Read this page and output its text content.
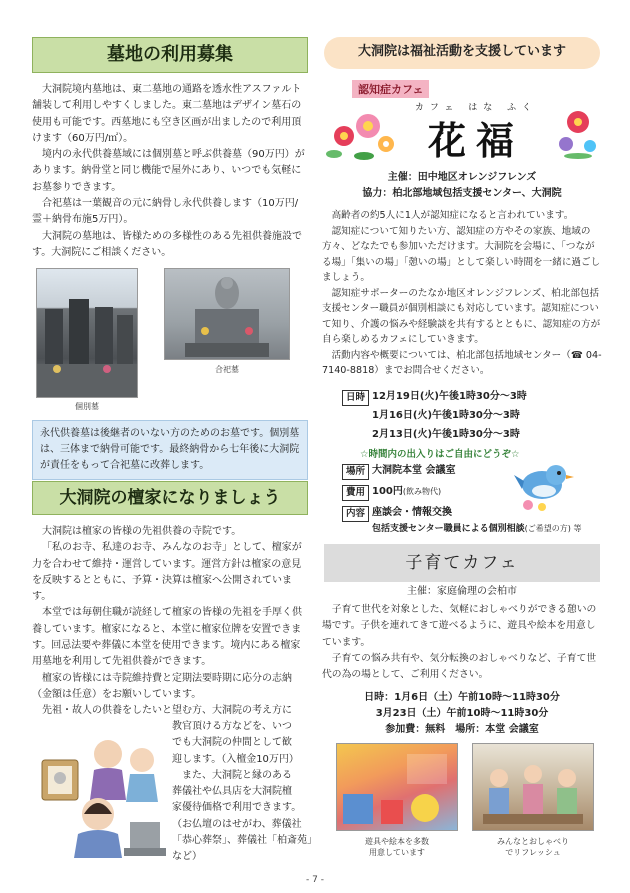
墓地の利用募集

大洞院境内墓地は、東二墓地の通路を透水性アスファルト舗装して利用しやすくしました。東二墓地はデザイン墓石の使用も可能です。西墓地にも空き区画が出ましたので利用頂けます（60万円/㎡）。

境内の永代供養墓域には個別墓と呼ぶ供養墓（90万円）があります。納骨堂と同じ機能で屋外にあり、いつでも気軽にお墓参りできます。

合祀墓は一葉観音の元に納骨し永代供養します（10万円/霊＋納骨布施5万円）。

大洞院の墓地は、皆様ための多様性のある先祖供養施設です。大洞院にご相談ください。

個別墓
合祀墓
永代供養墓は後継者のいない方のためのお墓です。個別墓は、三体まで納骨可能です。最終納骨から七年後に大洞院が責任をもって合祀墓に改葬します。
大洞院の檀家になりましょう

大洞院は檀家の皆様の先祖供養の寺院です。

「私のお寺、私達のお寺、みんなのお寺」として、檀家が力を合わせて維持・運営しています。運営方針は檀家の意見を反映するとともに、予算・決算は檀家へ公開されています。

本堂では毎朝住職が読経して檀家の皆様の先祖を手厚く供養しています。檀家になると、本堂に檀家位牌を安置できます。回忌法要や葬儀に本堂を使用できます。境内にある檀家用墓地を利用して先祖供養ができます。

檀家の皆様には寺院維持費と定期法要時期に応分の志納（金額は任意）をお願いしています。

先祖・故人の供養をしたいと望む方、大洞院の考え方に

教官頂ける方などを、いつ
でも大洞院の仲間として歓
迎します。（入檀金10万円）
　また、大洞院と縁のある
葬儀社や仏具店を大洞院檀
家優待価格で利用できます。
（お仏壇のはせがわ、葬儀社
「恭心葬祭」、葬儀社「柏斎苑」
など）
大洞院は福祉活動を支援しています
認知症カフェ
カフェ はな ふく
花福
主催：田中地区オレンジフレンズ
協力：柏北部地域包括支援センター、大洞院

高齢者の約5人に1人が認知症になると言われています。

認知症について知りたい方、認知症の方やその家族、地域の方々、どなたでも参加いただけます。大洞院を会場に、「つながる場」「集いの場」「憩いの場」として楽しい時間を一緒に過ごしましょう。

認知症サポーターのたなか地区オレンジフレンズ、柏北部包括支援センター職員が個別相談にも対応しています。認知症について知り、介護の悩みや経験談を共有するとともに、認知症の方が自ら楽しめるカフェにしていきます。

活動内容や概要については、柏北部包括地域センター（☎ 04-7140-8818）までお問合せください。

日時 12月19日(火)午後1時30分～3時
1月16日(火)午後1時30分～3時
2月13日(火)午後1時30分～3時
☆時間内の出入りはご自由にどうぞ☆
場所 大洞院本堂 会議室
費用 100円(飲み物代)
内容 座談会・情報交換
包括支援センター職員による個別相談(ご希望の方) 等
子育てカフェ
主催：家庭倫理の会柏市

子育て世代を対象とした、気軽におしゃべりができる憩いの場です。子供を連れてきて遊べるように、遊具や絵本を用意しています。

子育ての悩み共有や、気分転換のおしゃべりなど、子育て世代の為の場として、ご利用ください。

日時：1月6日（土）午前10時～11時30分
3月23日（土）午前10時～11時30分
参加費：無料　場所：本堂 会議室
遊具や絵本を多数
用意しています
みんなとおしゃべり
でリフレッシュ
- 7 -
